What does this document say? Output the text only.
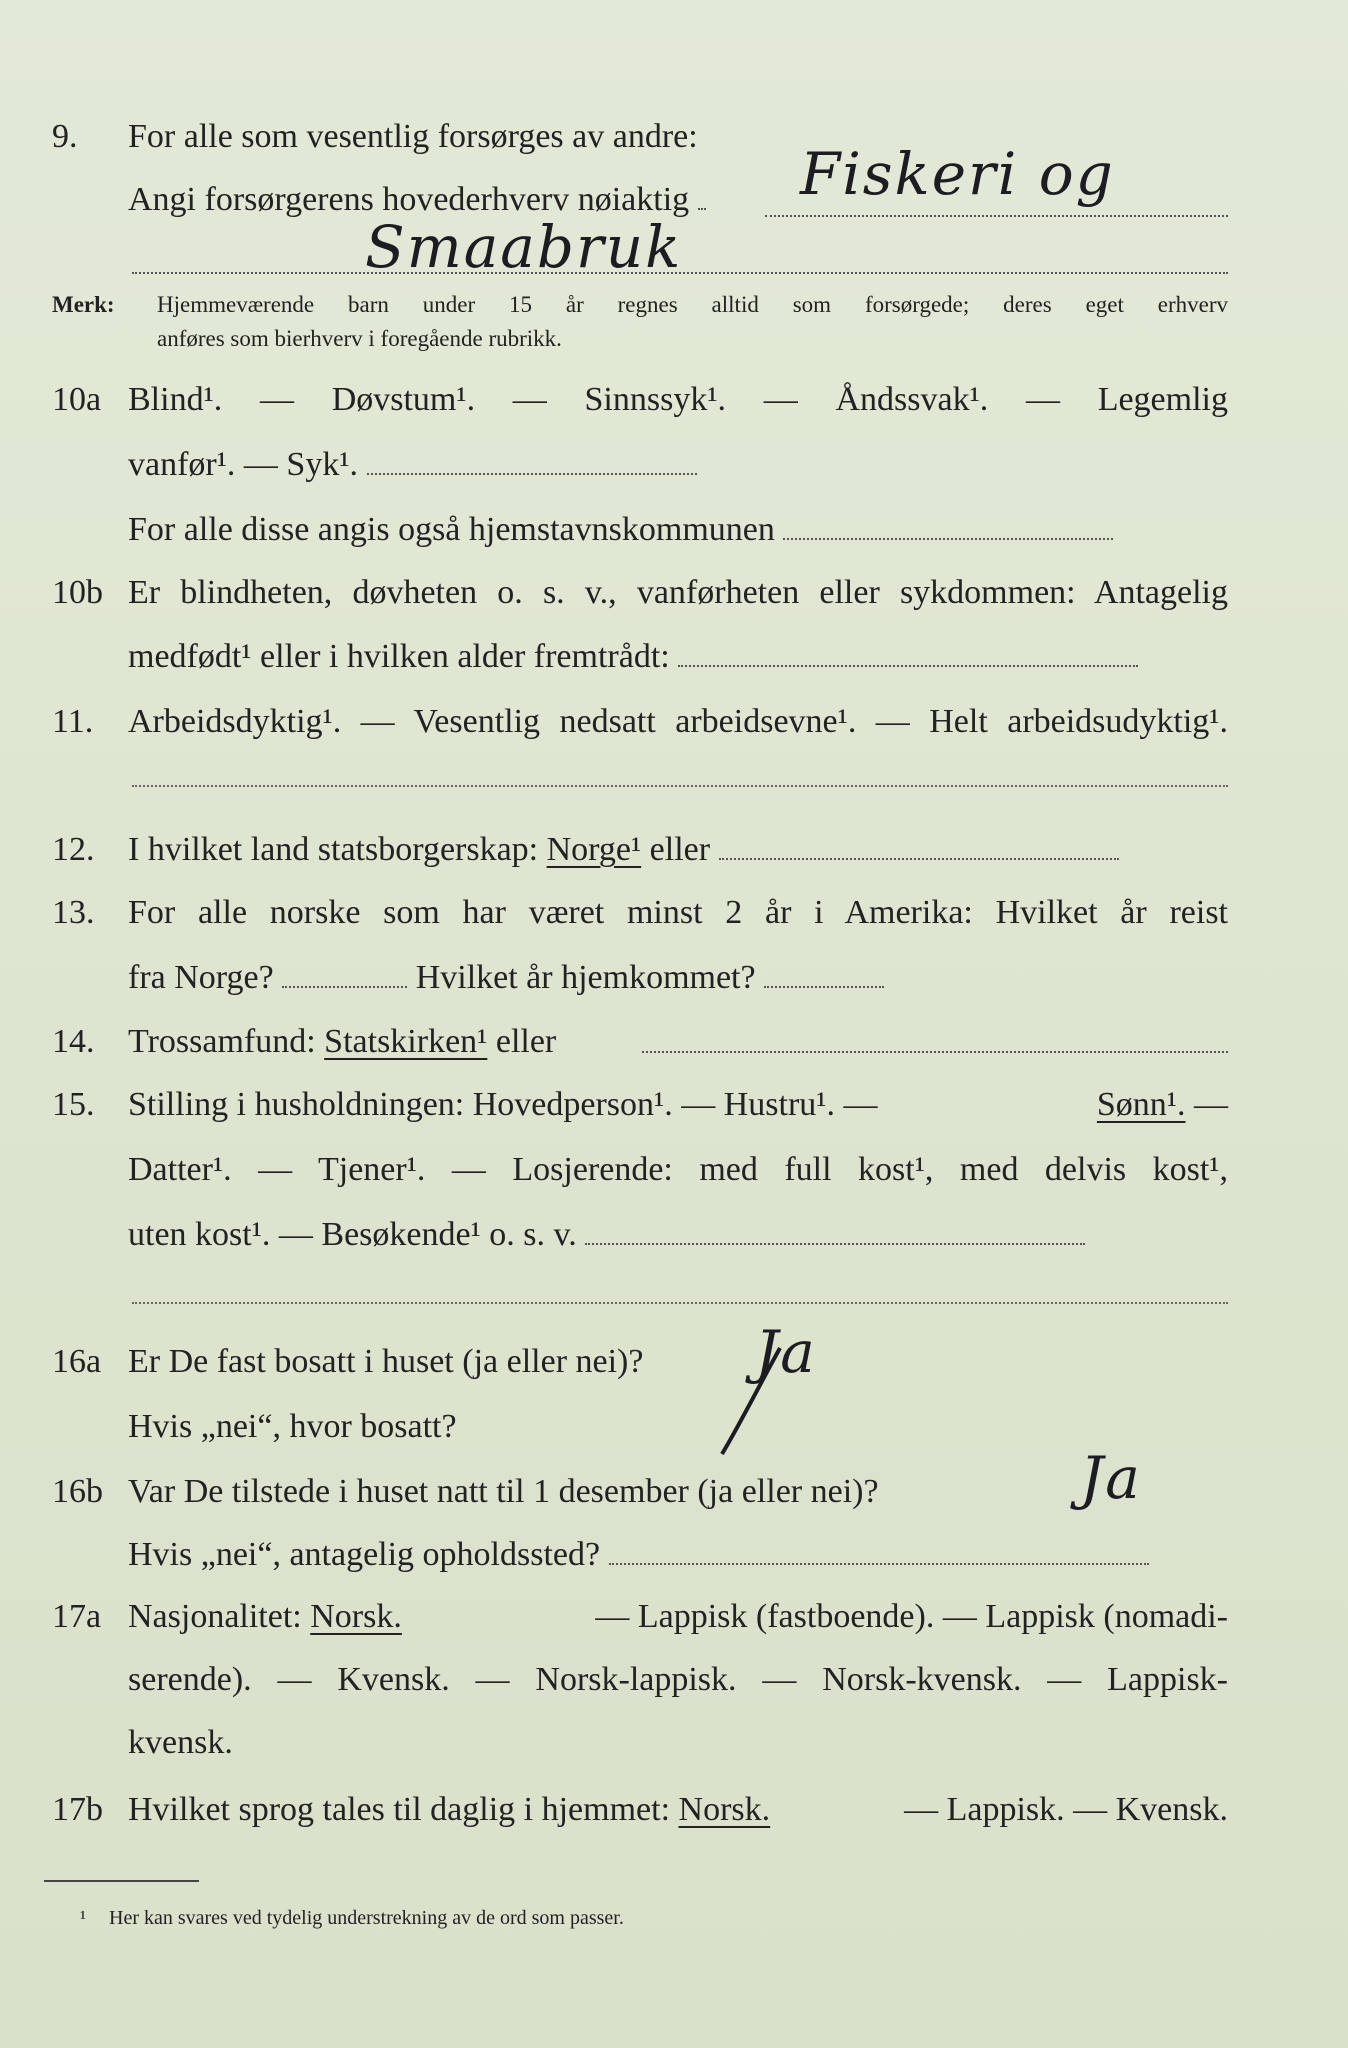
9.	For alle som vesentlig forsørges av andre:
Angi forsørgerens hovederhverv nøiaktig	Fiskeri og
Smaabruk
Merk: Hjemmeværende barn under 15 år regnes alltid som forsørgede; deres eget erhverv
anføres som bierhverv i foregående rubrikk.
10a Blind¹. — Døvstum¹. — Sinnssyk¹. — Åndssvak¹. — Legemlig
vanfør¹. — Syk¹.
For alle disse angis også hjemstavnskommunen
10b Er blindheten, døvheten o. s. v., vanførheten eller sykdommen: Antagelig
medfødt¹ eller i hvilken alder fremtrådt:
11.	Arbeidsdyktig¹. — Vesentlig nedsatt arbeidsevne¹. — Helt arbeidsudyktig¹.
12. I hvilket land statsborgerskap: Norge¹ eller
13. For alle norske som har været minst 2 år i Amerika: Hvilket år reist
fra Norge?	Hvilket år hjemkommet?
14. Trossamfund: Statskirken¹ eller
15. Stilling i husholdningen: Hovedperson¹. — Hustru¹. —	Sønn¹. —
Datter¹. — Tjener¹. — Losjerende: med full kost¹, med delvis kost¹,
uten kost¹. — Besøkende¹ o. s. v.
16a Er De fast bosatt i huset (ja eller nei)?	Ja
Hvis „nei“, hvor bosatt?
16b Var De tilstede i huset natt til 1 desember (ja eller nei)?	Ja
Hvis „nei“, antagelig opholdssted?
17a Nasjonalitet: Norsk.	— Lappisk (fastboende). — Lappisk (nomadi-
serende). — Kvensk. — Norsk-lappisk. — Norsk-kvensk. — Lappisk-
kvensk.
17b Hvilket sprog tales til daglig i hjemmet: Norsk.	— Lappisk. — Kvensk.
¹ Her kan svares ved tydelig understrekning av de ord som passer.
